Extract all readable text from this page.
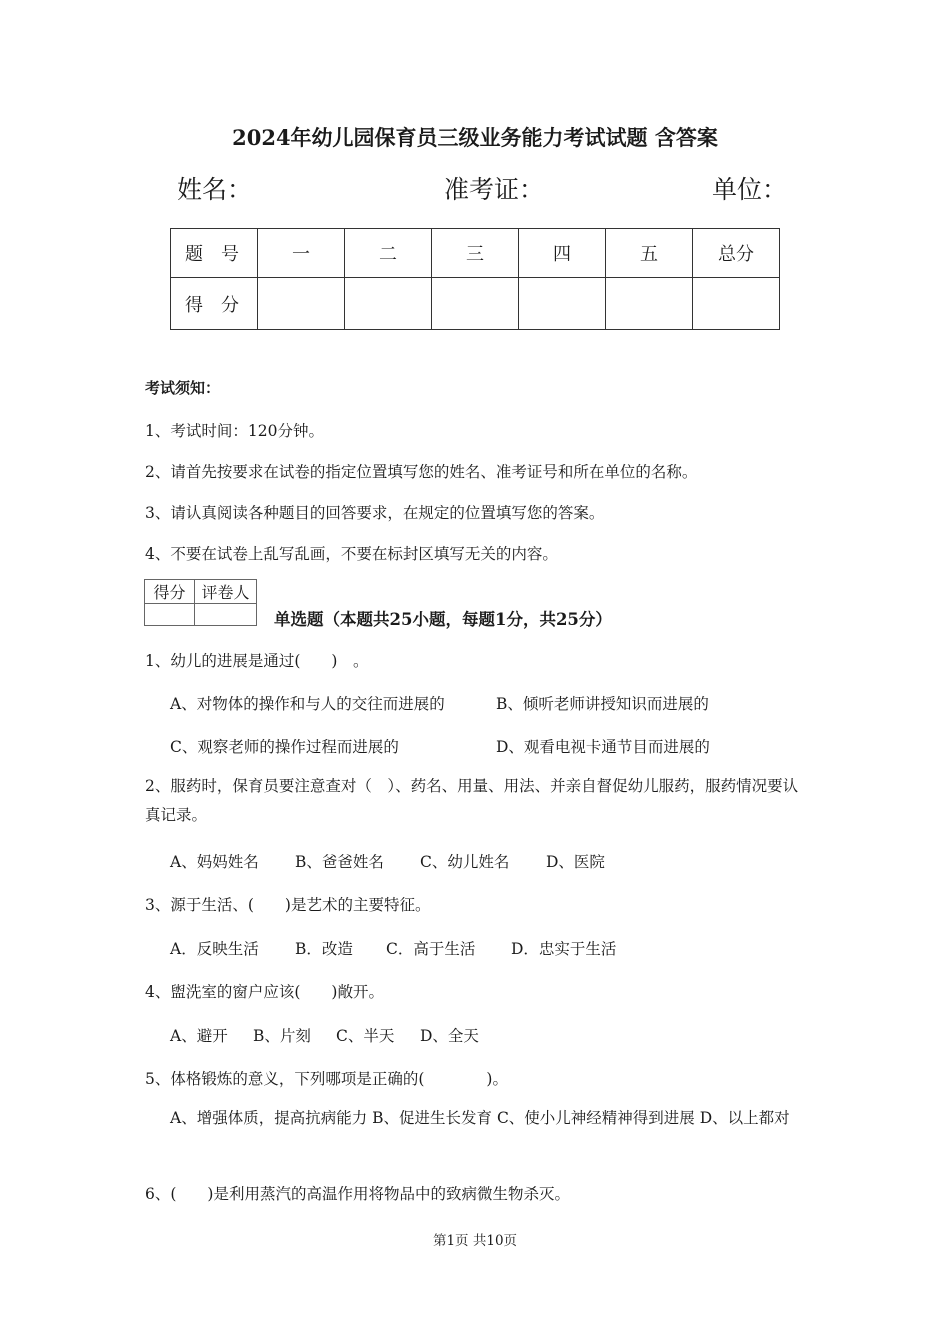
2024年幼儿园保育员三级业务能力考试试题 含答案
姓名：	准考证：	单位：
题号	一	二	三	四	五	总分
得分						
考试须知：
1、考试时间：120分钟。
2、请首先按要求在试卷的指定位置填写您的姓名、准考证号和所在单位的名称。
3、请认真阅读各种题目的回答要求，在规定的位置填写您的答案。
4、不要在试卷上乱写乱画，不要在标封区填写无关的内容。
得分	评卷人

单选题（本题共25小题，每题1分，共25分）
1、幼儿的进展是通过(　　)　。
A、对物体的操作和与人的交往而进展的	B、倾听老师讲授知识而进展的
C、观察老师的操作过程而进展的	D、观看电视卡通节目而进展的
2、服药时，保育员要注意查对（　）、药名、用量、用法、并亲自督促幼儿服药，服药情况要认真记录。
A、妈妈姓名 B、爸爸姓名 C、幼儿姓名 D、医院
3、源于生活、(　　)是艺术的主要特征。
A．反映生活 B．改造 C．高于生活 D．忠实于生活
4、盥洗室的窗户应该(　　)敞开。
A、避开 B、片刻 C、半天 D、全天
5、体格锻炼的意义，下列哪项是正确的(　　　　)。
A、增强体质，提高抗病能力 B、促进生长发育 C、使小儿神经精神得到进展 D、以上都对
6、(　　)是利用蒸汽的高温作用将物品中的致病微生物杀灭。
第1页 共10页
